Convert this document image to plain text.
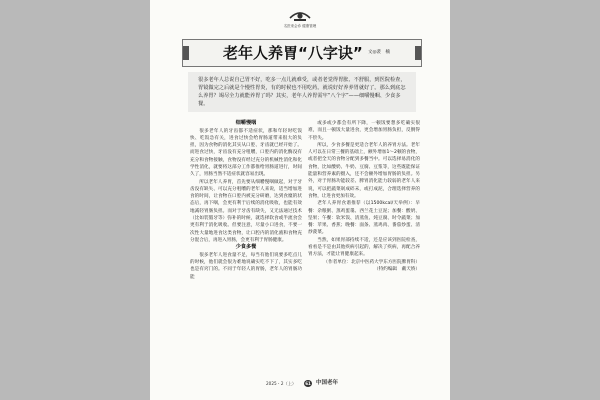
名医来会诊 健康管理
老年人养胃“八字诀” 文◎裴　楠
很多老年人总说自己胃不好，吃多一点儿就难受，或者老觉得胃胀、不舒服，到医院检查，胃镜做完之后就是个慢性胃炎，有的时候也不用吃药。就说好好养养胃就好了。那么到底怎么养胃？竭尽全力就能养胃了吗？其实，老年人养胃需牢“八个字”——细嚼慢咽、少食多餐。

细嚼慢咽

很多老年人的牙齿都不适症状，那和年轻时吃饭快、吃饭急有关，进食过快会给胃肠道带来很大的负担，因为食物的消化其实从口腔、牙齿就已经开始了。而进食过快，牙齿没有充分咀嚼，口腔内的消化酶没有充分和食物接触，食物没有经过充分的机械性消化和化学性消化，就要将这部分工作都推给胃肠道进行，时间久了，胃肠当然不适症状就容易出现。

所以老年人养胃，首先要从细嚼慢咽做起，对于牙齿没有缺失、可以充分咀嚼的老年人来说，适当增加进食的时间，让食物在口腔内被充分研磨，达到食糜的状态后，再下咽，会更有利于后续的消化吸收，也能有效地减轻胃肠负担。而对于牙齿有缺失，又无法通过技术（比如装假牙等）弥补的时候，就选择软食或半流食会更有利于消化吸收。但要注意，尽量小口进食，不要一次性大量地进食这类食物，让口腔内的消化液和食物充分混合后，再进入胃肠，会更有利于胃肠健康。

少食多餐

很多老年人进食量不足，每当有他们说要多吃点儿的时候，他们就会很为难地说确实吃不下了，其实多吃也是有窍门的。不同于年轻人的胃肠，老年人的胃肠功能

或多或少都会有所下降，一顿饭要想多吃确实很难，而且一顿饭大量进食，更会增加胃肠负担，反倒得不偿失。

所以，少食多餐是更适合老年人的养胃方法。老年人可以在日常三餐的基础上，额外增加1～2顿的食物，或者把全天的食物分配到多餐当中。可以选择易消化的食物，比如酸奶、牛奶、豆腐、豆浆等，这些既能保证能量和营养素的摄入，还不会额外增加胃肠的负担。另外，对于胃肠功能较差、脾胃消化能力较弱的老年人来说，可以把蔬菜剁成碎末，或打成泥，合理选择营养的食物，让进食更加有效。

老年人养胃食谱推荐（以1500kcal/天举例）：早餐：杂粮粥、蒸鸡蛋羹、西兰花土豆泥；加餐：酸奶、坚果；午餐：软米饭、清蒸鱼、炖豆腐、时令蔬菜；加餐：苹果、香蕉；晚餐：面条、蒸鸡肉、番茄炒蛋、清炒菠菜。

当然，如果胃部持续不适，还是应该到医院检查，看看是不是由其他疾病引起的，解决了疾病，再配合养胃方法，才能让胃健康起来。

（作者单位：北京中医药大学东方医院脾胃科）

（特约编辑　戴天娇）

2025・2（上）	61 中国老年
